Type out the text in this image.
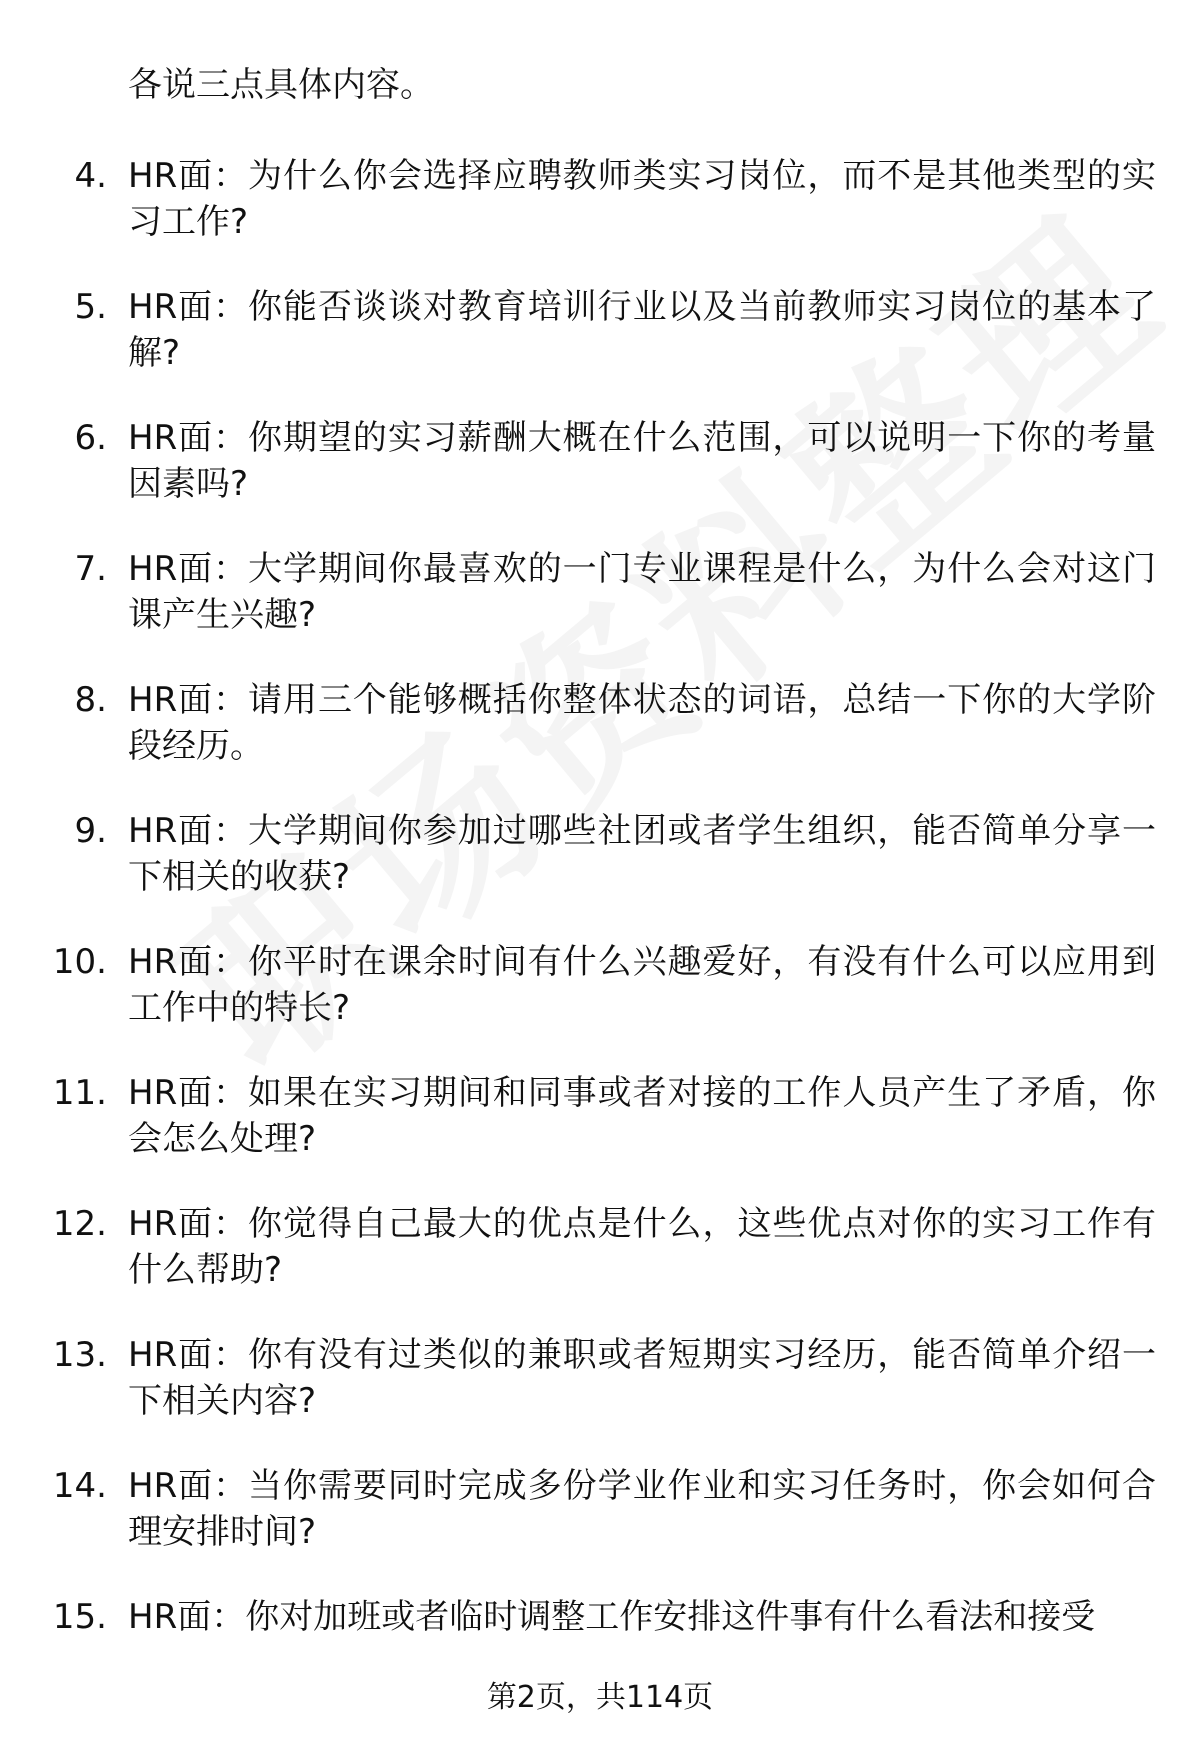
各说三点具体内容。

4. HR面：为什么你会选择应聘教师类实习岗位，而不是其他类型的实习工作?
5. HR面：你能否谈谈对教育培训行业以及当前教师实习岗位的基本了解?
6. HR面：你期望的实习薪酬大概在什么范围，可以说明一下你的考量因素吗?
7. HR面：大学期间你最喜欢的一门专业课程是什么，为什么会对这门课产生兴趣?
8. HR面：请用三个能够概括你整体状态的词语，总结一下你的大学阶段经历。
9. HR面：大学期间你参加过哪些社团或者学生组织，能否简单分享一下相关的收获?
10. HR面：你平时在课余时间有什么兴趣爱好，有没有什么可以应用到工作中的特长?
11. HR面：如果在实习期间和同事或者对接的工作人员产生了矛盾，你会怎么处理?
12. HR面：你觉得自己最大的优点是什么，这些优点对你的实习工作有什么帮助?
13. HR面：你有没有过类似的兼职或者短期实习经历，能否简单介绍一下相关内容?
14. HR面：当你需要同时完成多份学业作业和实习任务时，你会如何合理安排时间?
15. HR面：你对加班或者临时调整工作安排这件事有什么看法和接受
第2页，共114页
